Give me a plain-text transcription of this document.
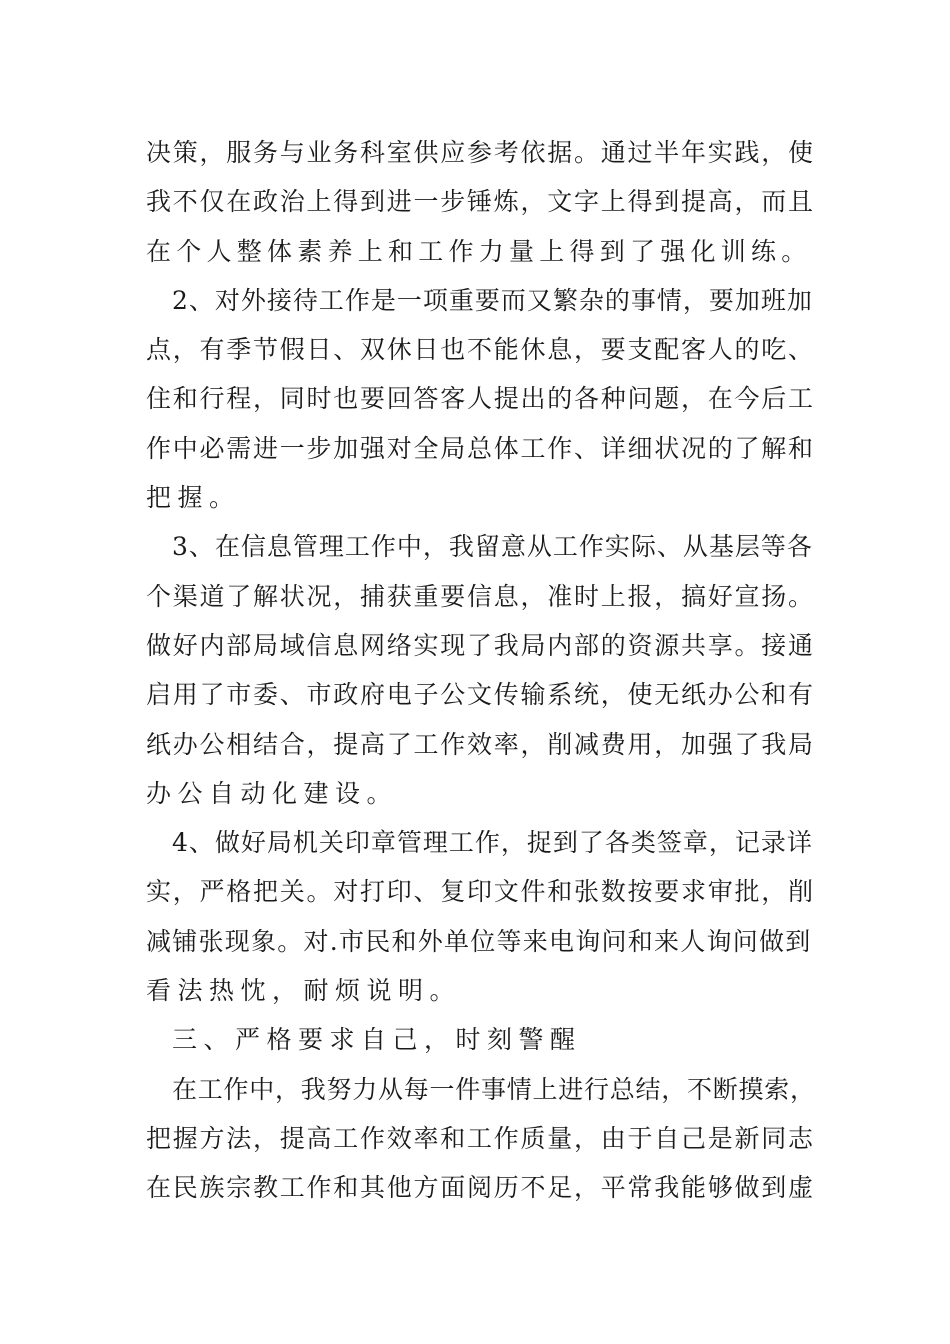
决策，服务与业务科室供应参考依据。通过半年实践，使

我不仅在政治上得到进一步锤炼，文字上得到提高，而且

在个人整体素养上和工作力量上得到了强化训练。

2、对外接待工作是一项重要而又繁杂的事情，要加班加

点，有季节假日、双休日也不能休息，要支配客人的吃、

住和行程，同时也要回答客人提出的各种问题，在今后工

作中必需进一步加强对全局总体工作、详细状况的了解和

把握。

3、在信息管理工作中，我留意从工作实际、从基层等各

个渠道了解状况，捕获重要信息，准时上报，搞好宣扬。

做好内部局域信息网络实现了我局内部的资源共享。接通

启用了市委、市政府电子公文传输系统，使无纸办公和有

纸办公相结合，提高了工作效率，削减费用，加强了我局

办公自动化建设。

4、做好局机关印章管理工作，捉到了各类签章，记录详

实，严格把关。对打印、复印文件和张数按要求审批，削

减铺张现象。对.市民和外单位等来电询问和来人询问做到

看法热忱，耐烦说明。

三、严格要求自己，时刻警醒

在工作中，我努力从每一件事情上进行总结，不断摸索，

把握方法，提高工作效率和工作质量，由于自己是新同志

在民族宗教工作和其他方面阅历不足，平常我能够做到虚
